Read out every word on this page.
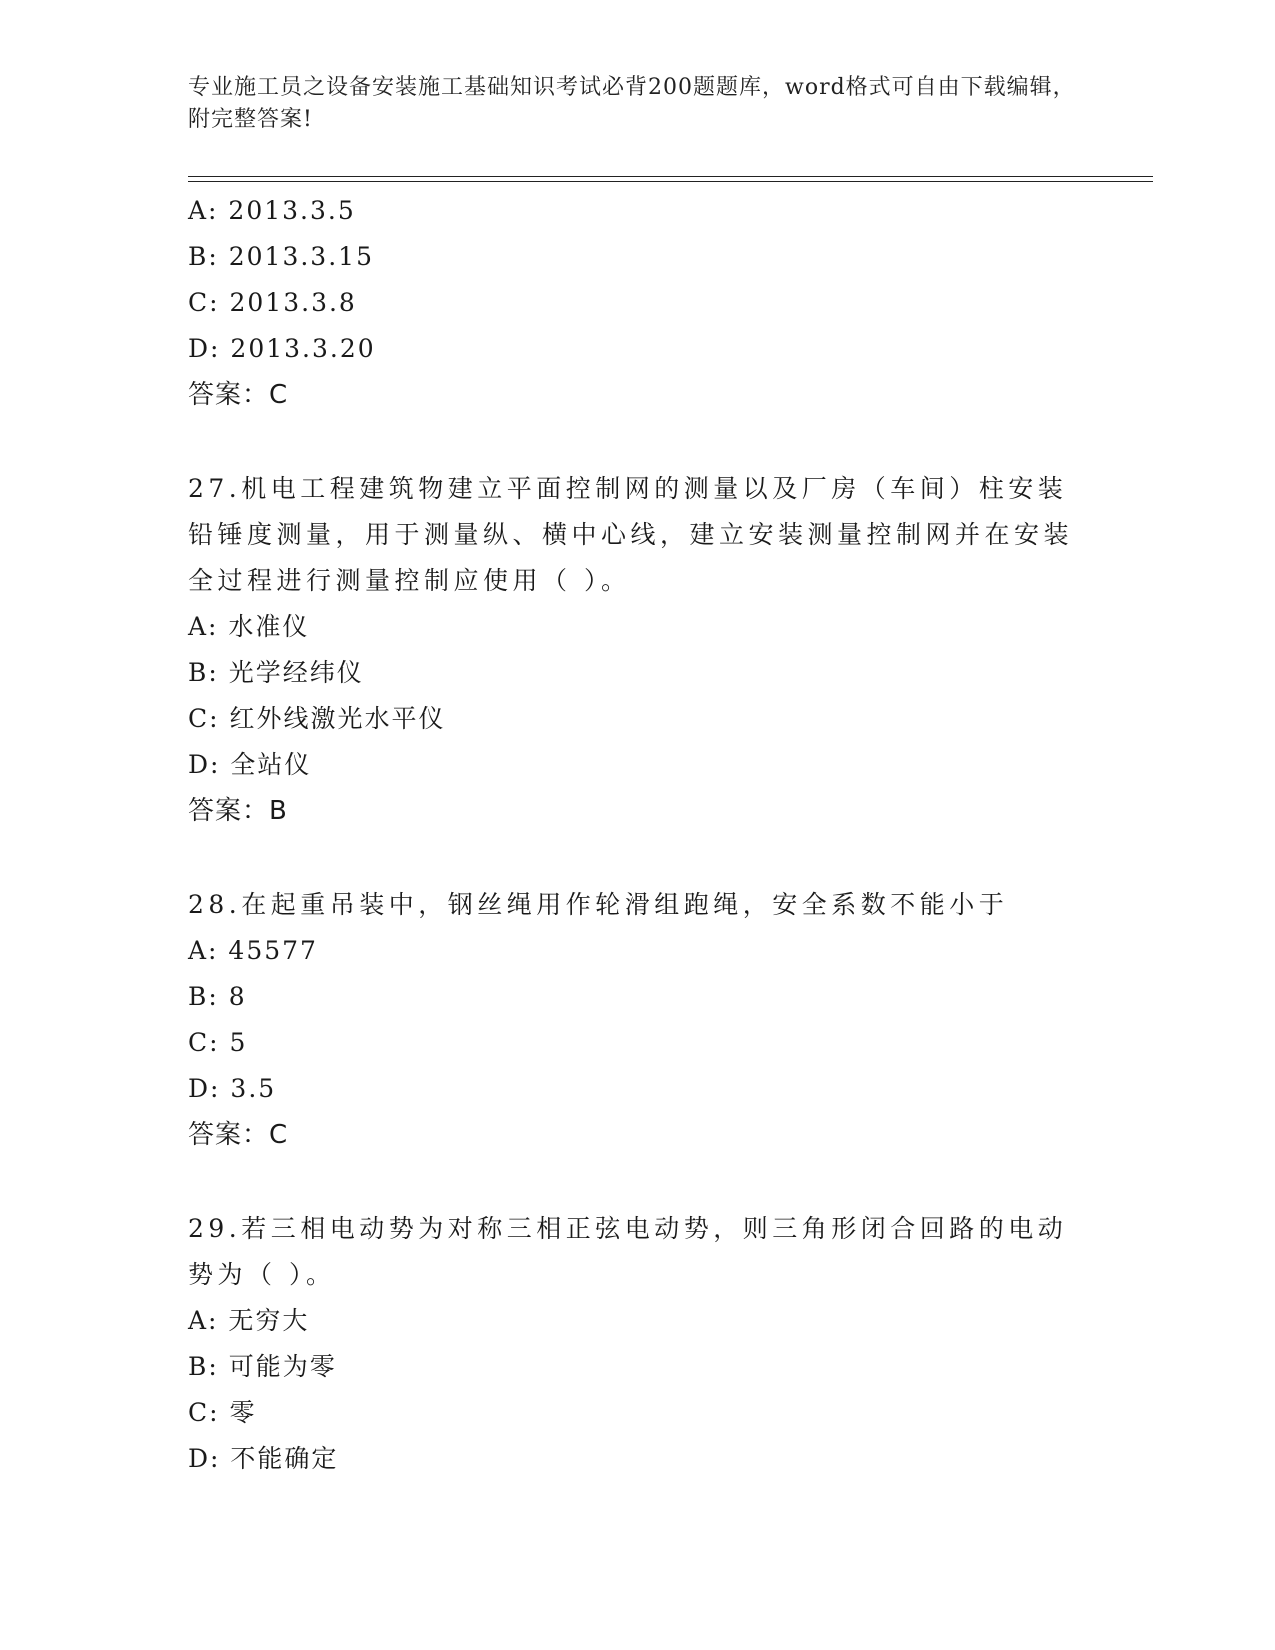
专业施工员之设备安装施工基础知识考试必背200题题库，word格式可自由下载编辑，附完整答案!
A: 2013.3.5
B: 2013.3.15
C: 2013.3.8
D: 2013.3.20
答案：C
27.机电工程建筑物建立平面控制网的测量以及厂房（车间）柱安装铅锤度测量，用于测量纵、横中心线，建立安装测量控制网并在安装全过程进行测量控制应使用（ ）。
A: 水准仪
B: 光学经纬仪
C: 红外线激光水平仪
D: 全站仪
答案：B
28.在起重吊装中，钢丝绳用作轮滑组跑绳，安全系数不能小于
A: 45577
B: 8
C: 5
D: 3.5
答案：C
29.若三相电动势为对称三相正弦电动势，则三角形闭合回路的电动势为（ ）。
A: 无穷大
B: 可能为零
C: 零
D: 不能确定
